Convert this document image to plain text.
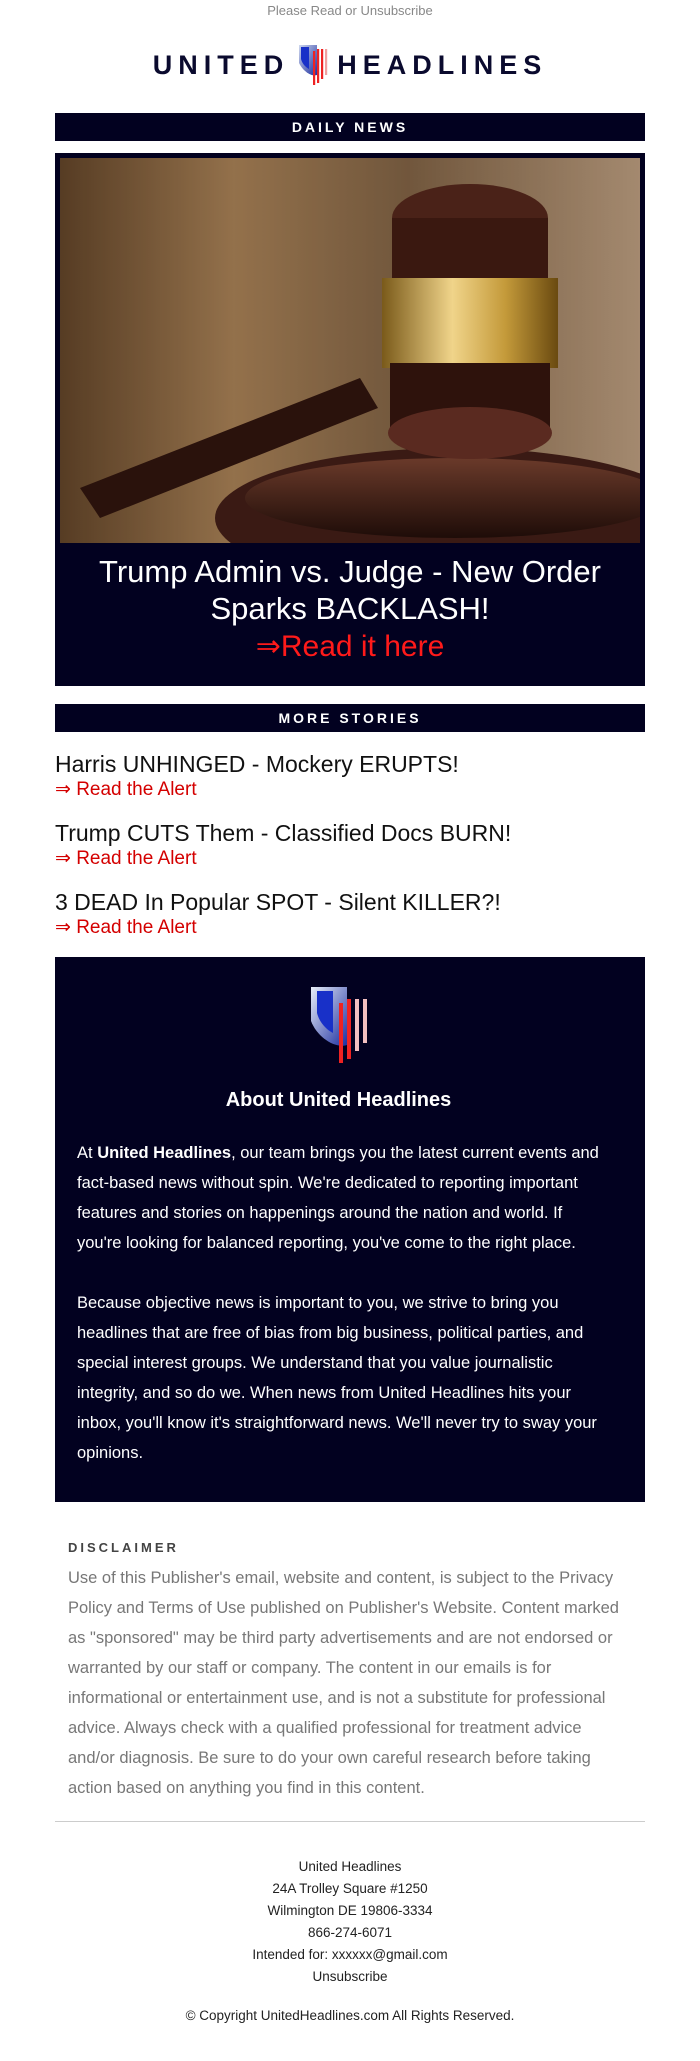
Please Read or Unsubscribe
UNITED HEADLINES
DAILY NEWS
Trump Admin vs. Judge - New Order Sparks BACKLASH!
⇒Read it here
MORE STORIES
Harris UNHINGED - Mockery ERUPTS!
⇒ Read the Alert
Trump CUTS Them - Classified Docs BURN!
⇒ Read the Alert
3 DEAD In Popular SPOT - Silent KILLER?!
⇒ Read the Alert
About United Headlines

At United Headlines, our team brings you the latest current events and fact-based news without spin. We're dedicated to reporting important features and stories on happenings around the nation and world. If you're looking for balanced reporting, you've come to the right place.

Because objective news is important to you, we strive to bring you headlines that are free of bias from big business, political parties, and special interest groups. We understand that you value journalistic integrity, and so do we. When news from United Headlines hits your inbox, you'll know it's straightforward news. We'll never try to sway your opinions.

DISCLAIMER
Use of this Publisher's email, website and content, is subject to the Privacy Policy and Terms of Use published on Publisher's Website. Content marked as "sponsored" may be third party advertisements and are not endorsed or warranted by our staff or company. The content in our emails is for informational or entertainment use, and is not a substitute for professional advice. Always check with a qualified professional for treatment advice and/or diagnosis. Be sure to do your own careful research before taking action based on anything you find in this content.
United Headlines
24A Trolley Square #1250
Wilmington DE 19806-3334
866-274-6071
Intended for: xxxxxx@gmail.com
Unsubscribe
© Copyright UnitedHeadlines.com All Rights Reserved.
